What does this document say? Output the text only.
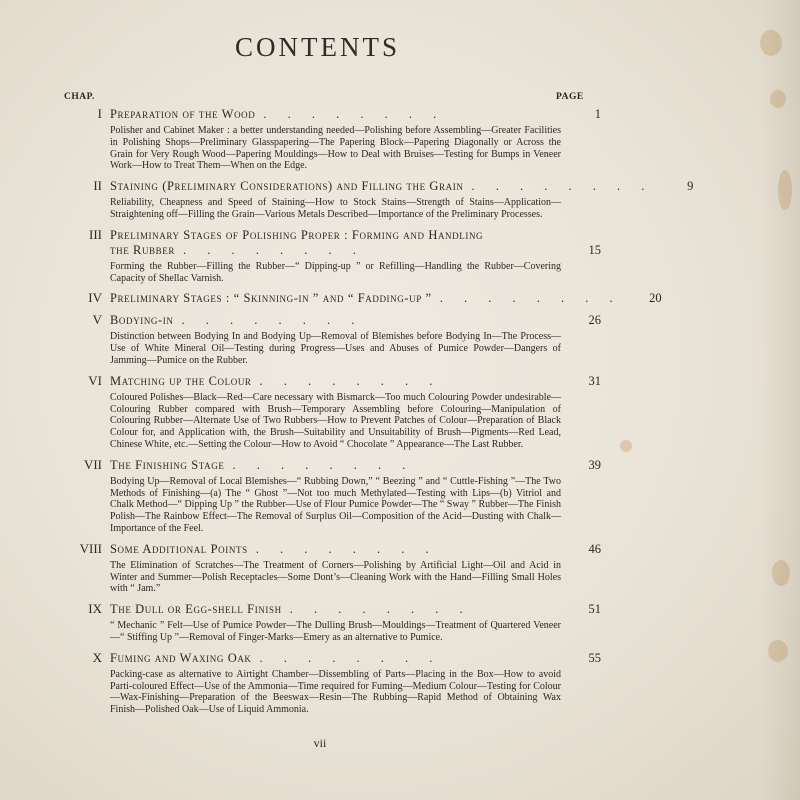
CONTENTS
CHAP.	PAGE
I Preparation of the Wood . . . . . . . .	1
Polisher and Cabinet Maker : a better understanding needed—Polishing before Assembling—Greater Facilities in Polishing Shops—Preliminary Glasspapering—The Papering Block—Papering Diagonally or Across the Grain for Very Rough Wood—Papering Mouldings—How to Deal with Bruises—Testing for Bumps in Veneer Work—How to Treat Them—When on the Edge.
II Staining (Preliminary Considerations) and Filling the Grain . . . . . . . .	9
Reliability, Cheapness and Speed of Staining—How to Stock Stains—Strength of Stains—Application—Straightening off—Filling the Grain—Various Metals Described—Importance of the Preliminary Processes.
III Preliminary Stages of Polishing Proper : Forming and Handling
the Rubber . . . . . . . .	15
Forming the Rubber—Filling the Rubber—“ Dipping-up ” or Refilling—Handling the Rubber—Covering Capacity of Shellac Varnish.
IV Preliminary Stages : “ Skinning-in ” and “ Fadding-up ” . . . . . . . .	20
V Bodying-in . . . . . . . .	26
Distinction between Bodying In and Bodying Up—Removal of Blemishes before Bodying In—The Process—Use of White Mineral Oil—Testing during Progress—Uses and Abuses of Pumice Powder—Dangers of Jamming—Pumice on the Rubber.
VI Matching up the Colour . . . . . . . .	31
Coloured Polishes—Black—Red—Care necessary with Bismarck—Too much Colouring Powder undesirable—Colouring Rubber compared with Brush—Temporary Assembling before Colouring—Manipulation of Colouring Rubber—Alternate Use of Two Rubbers—How to Prevent Patches of Colour—Preparation of Black Colour for, and Application with, the Brush—Suitability and Unsuitability of Brush—Pigments—Red Lead, Chinese White, etc.—Setting the Colour—How to Avoid “ Chocolate ” Appearance—The Last Rubber.
VII The Finishing Stage . . . . . . . .	39
Bodying Up—Removal of Local Blemishes—“ Rubbing Down,” “ Beezing ” and “ Cuttle-Fishing ”—The Two Methods of Finishing—(a) The “ Ghost ”—Not too much Methylated—Testing with Lips—(b) Vitriol and Chalk Method—“ Dipping Up ” the Rubber—Use of Flour Pumice Powder—The “ Sway ” Rubber—The Finish Polish—The Rainbow Effect—The Removal of Surplus Oil—Composition of the Acid—Dusting with Chalk—Importance of the Feel.
VIII Some Additional Points . . . . . . . .	46
The Elimination of Scratches—The Treatment of Corners—Polishing by Artificial Light—Oil and Acid in Winter and Summer—Polish Receptacles—Some Dont’s—Cleaning Work with the Hand—Filling Small Holes with “ Jam.”
IX The Dull or Egg-shell Finish . . . . . . . .	51
“ Mechanic ” Felt—Use of Pumice Powder—The Dulling Brush—Mouldings—Treatment of Quartered Veneer—“ Stiffing Up ”—Removal of Finger-Marks—Emery as an alternative to Pumice.
X Fuming and Waxing Oak . . . . . . . .	55
Packing-case as alternative to Airtight Chamber—Dissembling of Parts—Placing in the Box—How to avoid Parti-coloured Effect—Use of the Ammonia—Time required for Fuming—Medium Colour—Testing for Colour—Wax-Finishing—Preparation of the Beeswax—Resin—The Rubbing—Rapid Method of Obtaining Wax Finish—Polished Oak—Use of Liquid Ammonia.
vii
